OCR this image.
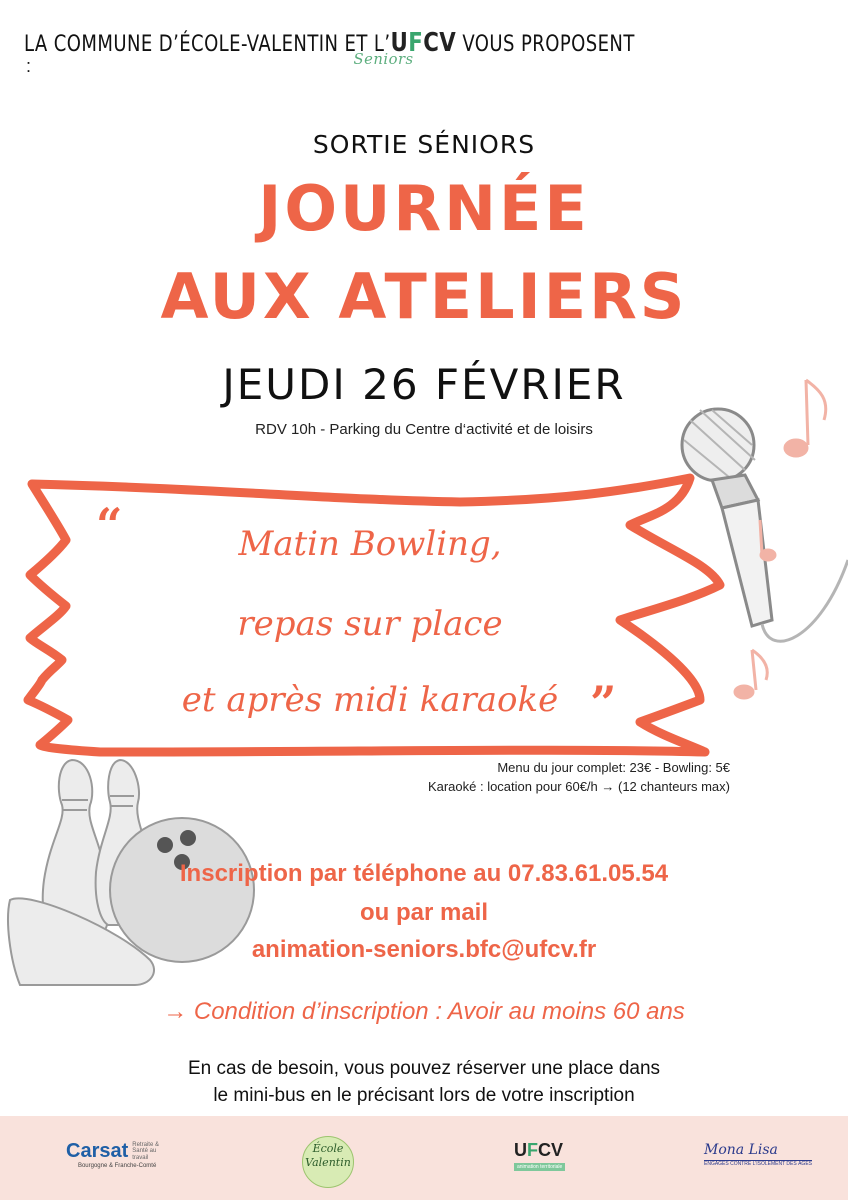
LA COMMUNE D’ÉCOLE-VALENTIN ET L’UFCV VOUS PROPOSENT
Seniors
:
SORTIE SÉNIORS
JOURNÉE
AUX ATELIERS
JEUDI 26 FÉVRIER
RDV 10h - Parking du Centre d‘activité et de loisirs
“	Matin Bowling,
repas sur place
et après midi karaoké ”
Menu du jour complet: 23€ - Bowling: 5€
Karaoké : location pour 60€/h → (12 chanteurs max)
Inscription par téléphone au 07.83.61.05.54
ou par mail
animation-seniors.bfc@ufcv.fr
→ Condition d’inscription : Avoir au moins 60 ans
En cas de besoin, vous pouvez réserver une place dans
le mini-bus en le précisant lors de votre inscription
Carsat Retraite & Santé au travail
Bourgogne & Franche-Comté
École
Valentin
UFCV
animation territoriale
Mona Lisa
ENGAGÉS CONTRE L’ISOLEMENT DES ÂGÉS
